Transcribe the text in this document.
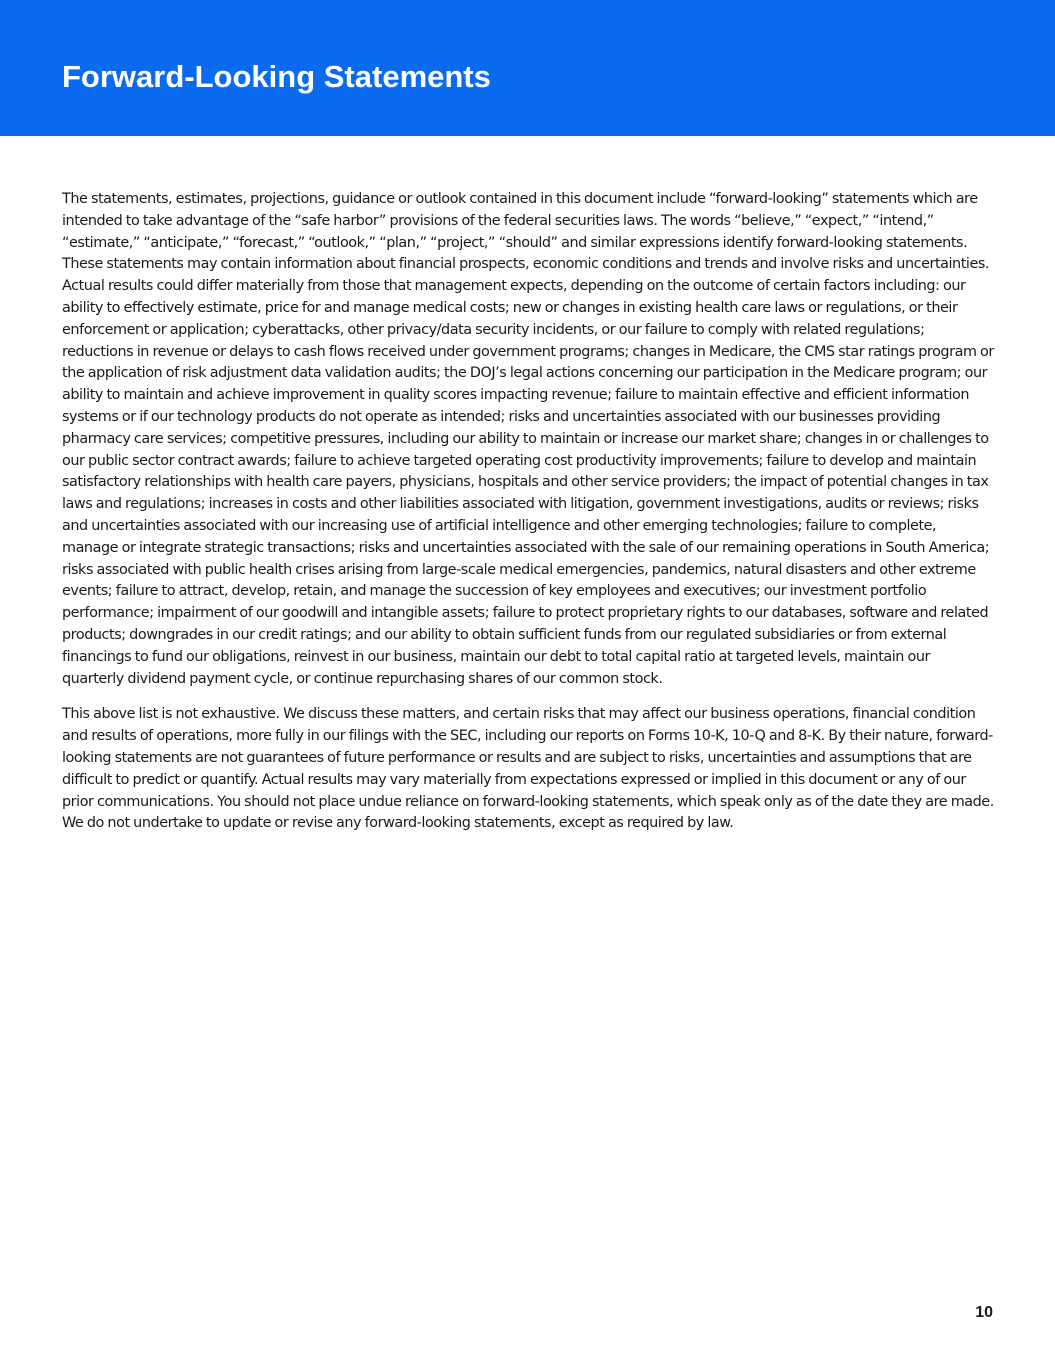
Forward-Looking Statements

The statements, estimates, projections, guidance or outlook contained in this document include “forward-looking” statements which are intended to take advantage of the “safe harbor” provisions of the federal securities laws. The words “believe,” “expect,” “intend,” “estimate,” “anticipate,” “forecast,” “outlook,” “plan,” “project,” “should” and similar expressions identify forward-looking statements. These statements may contain information about financial prospects, economic conditions and trends and involve risks and uncertainties. Actual results could differ materially from those that management expects, depending on the outcome of certain factors including: our ability to effectively estimate, price for and manage medical costs; new or changes in existing health care laws or regulations, or their enforcement or application; cyberattacks, other privacy/data security incidents, or our failure to comply with related regulations; reductions in revenue or delays to cash flows received under government programs; changes in Medicare, the CMS star ratings program or the application of risk adjustment data validation audits; the DOJ’s legal actions concerning our participation in the Medicare program; our ability to maintain and achieve improvement in quality scores impacting revenue; failure to maintain effective and efficient information systems or if our technology products do not operate as intended; risks and uncertainties associated with our businesses providing pharmacy care services; competitive pressures, including our ability to maintain or increase our market share; changes in or challenges to our public sector contract awards; failure to achieve targeted operating cost productivity improvements; failure to develop and maintain satisfactory relationships with health care payers, physicians, hospitals and other service providers; the impact of potential changes in tax laws and regulations; increases in costs and other liabilities associated with litigation, government investigations, audits or reviews; risks and uncertainties associated with our increasing use of artificial intelligence and other emerging technologies; failure to complete, manage or integrate strategic transactions; risks and uncertainties associated with the sale of our remaining operations in South America; risks associated with public health crises arising from large-scale medical emergencies, pandemics, natural disasters and other extreme events; failure to attract, develop, retain, and manage the succession of key employees and executives; our investment portfolio performance; impairment of our goodwill and intangible assets; failure to protect proprietary rights to our databases, software and related products; downgrades in our credit ratings; and our ability to obtain sufficient funds from our regulated subsidiaries or from external financings to fund our obligations, reinvest in our business, maintain our debt to total capital ratio at targeted levels, maintain our quarterly dividend payment cycle, or continue repurchasing shares of our common stock.

This above list is not exhaustive. We discuss these matters, and certain risks that may affect our business operations, financial condition and results of operations, more fully in our filings with the SEC, including our reports on Forms 10-K, 10-Q and 8-K. By their nature, forward-looking statements are not guarantees of future performance or results and are subject to risks, uncertainties and assumptions that are difficult to predict or quantify. Actual results may vary materially from expectations expressed or implied in this document or any of our prior communications. You should not place undue reliance on forward-looking statements, which speak only as of the date they are made. We do not undertake to update or revise any forward-looking statements, except as required by law.

10
